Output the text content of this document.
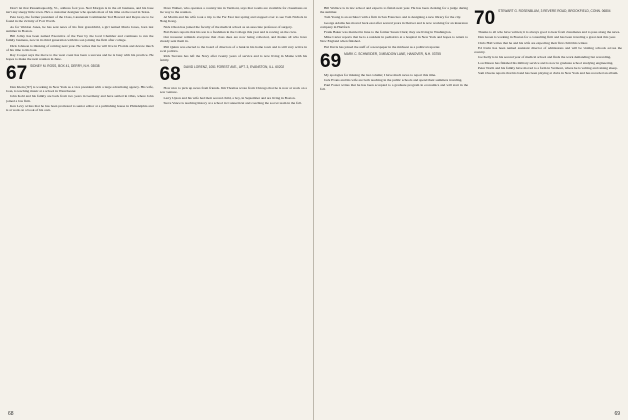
Don't let that Passamaquoddy, Vt., address fool you. Ned Morgan is in the oil business, and his base isn't any sleepy little town. He's a customer designer who spends most of his time on the road in Texas.

Pete Gray, the former president of the Class, Lieutenant Commander Ted Howard and Reyes are to be found in the vicinity of Fort Worth.

As for Weldon Jones, he has sent news of his first grandchild, a girl named Maria Jones, born last summer in Boston.

Bill Jolley has been named Executive of the Year by the local Chamber and continues to run the family business, now in its third generation with his son joining the firm after college.

Dick Johnson is thinking of retiring next year. He writes that he will live in Florida and devote much of his time to his boat.

Ray Cooper says the move to the west coast has been a success and he is busy with his practice. He hopes to make the next reunion in June.

67 SIDNEY M. ROSS, BOX 41, DERRY, N.H. 03038

Dan Klein ('67) is working in New York as a vice president with a large advertising agency. His wife, Joan, is teaching music at a school in Westchester.

John Kohl and his family are back from two years in Germany and have settled in Ohio, where John joined a law firm.

Ken Levy writes that he has been promoted to senior editor at a publishing house in Philadelphia and is at work on a book of his own.

Dave Walker, who operates a country inn in Vermont, says that rooms are available for classmates on the way to the reunion.

Al Martin and his wife took a trip to the Far East last spring and stopped over to see Tom Nichols in Hong Kong.

Nick Olson has joined the faculty of the medical school as an associate professor of surgery.

Bob Peters reports that his son is a freshman in the College this year and is rowing on the crew.

Our treasurer reminds everyone that class dues are now being collected, and thanks all who have already sent them in.

Phil Quinn was elected to the board of directors of a bank in his home town and is still very active in local politics.

Rick Stevens has left the Navy after twenty years of service and is now living in Maine with his family.

68 DAVID LORENZ, 1051 FOREST AVE., APT. 3, EVANSTON, ILL. 60202

How nice to pick up news from friends. Jim Thomas wrote from Chicago that he is now at work on a new venture.

Larry Upton and his wife had their second child, a boy, in September and are living in Boston.

Steve Vance is teaching history at a school in Connecticut and coaching the soccer team in the fall.

68

Bill Wallace is in law school and expects to finish next year. He has been clerking for a judge during the summer.

Tom Young is an architect with a firm in San Francisco and is designing a new library for the city.

George Adams has moved back east after several years in Denver and is now working for an insurance company in Hartford.

Frank Baker was married in June to the former Susan Clark; they are living in Washington.

Mike Carter reports that he is a resident in pediatrics at a hospital in New York and hopes to return to New England when finished.

Hal Davis has joined the staff of a newspaper in the midwest as a political reporter.

69 MARK C. SCHNEIDER, 3 MEADOW LANE, HANOVER, N.H. 03755

My apologies for missing the last column; I have much news to report this time.

Jack Evans and his wife are both teaching in the public schools and spend their summers traveling.

Paul Foster writes that he has been accepted to a graduate program in economics and will start in the fall.

70 STEWART G. ROSENBLUM, 3 REVERE ROAD, BROOKFIELD, CONN. 06804

Thanks to all who have written; it is always good to hear from classmates and to pass along the news.

Dan Green is working in Boston for a consulting firm and has been traveling a great deal this year.

Chris Hall writes that he and his wife are expecting their first child this winter.

Ed Irwin has been named assistant director of admissions and will be visiting schools across the country.

Joe Kelly is in his second year of medical school and finds the work demanding but rewarding.

Lou Mason has finished his military service and is now in graduate school studying engineering.

Peter North and his family have moved to a farm in Vermont, where he is writing and raising sheep.

Sam Owens reports that his band has been playing at clubs in New York and has recorded an album.

69
